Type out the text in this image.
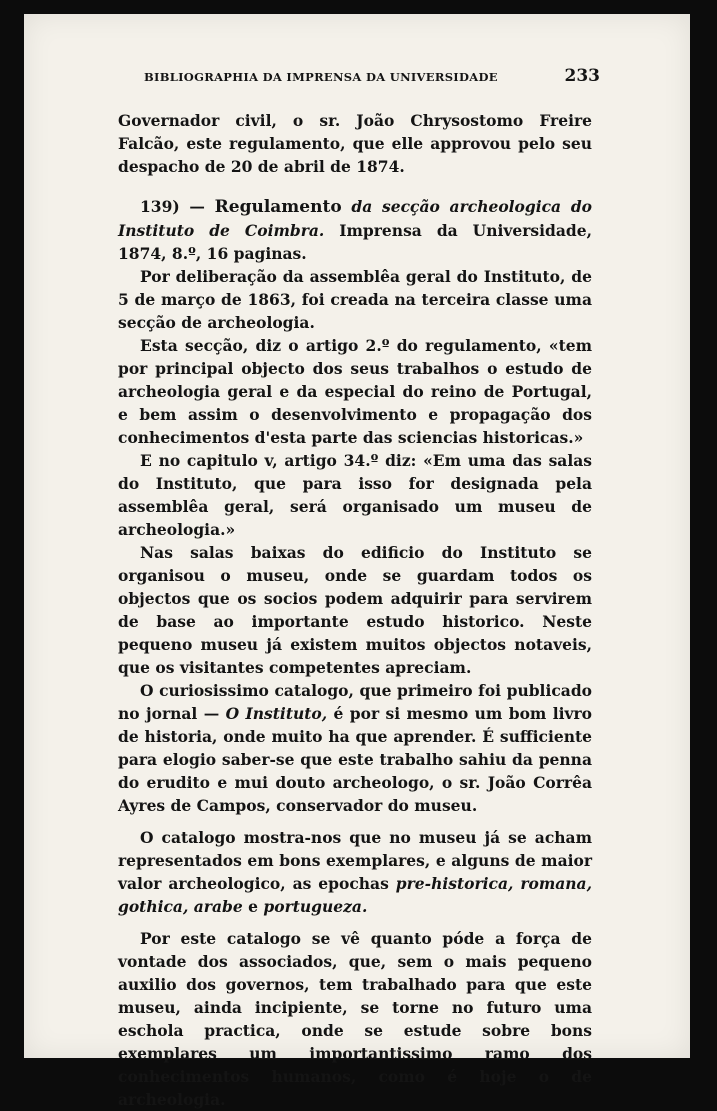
BIBLIOGRAPHIA DA IMPRENSA DA UNIVERSIDADE	233

Governador civil, o sr. João Chrysostomo Freire Falcão, este regulamento, que elle approvou pelo seu despacho de 20 de abril de 1874.

139) — Regulamento da secção archeologica do Instituto de Coimbra. Imprensa da Universidade, 1874, 8.º, 16 paginas.

Por deliberação da assemblêa geral do Instituto, de 5 de março de 1863, foi creada na terceira classe uma secção de archeologia.

Esta secção, diz o artigo 2.º do regulamento, «tem por principal objecto dos seus trabalhos o estudo de archeologia geral e da especial do reino de Portugal, e bem assim o desenvolvimento e propagação dos conhecimentos d'esta parte das sciencias historicas.»

E no capitulo v, artigo 34.º diz: «Em uma das salas do Instituto, que para isso for designada pela assemblêa geral, será organisado um museu de archeologia.»

Nas salas baixas do edificio do Instituto se organisou o museu, onde se guardam todos os objectos que os socios podem adquirir para servirem de base ao importante estudo historico. Neste pequeno museu já existem muitos objectos notaveis, que os visitantes competentes apreciam.

O curiosissimo catalogo, que primeiro foi publicado no jornal — O Instituto, é por si mesmo um bom livro de historia, onde muito ha que aprender. É sufficiente para elogio saber-se que este trabalho sahiu da penna do erudito e mui douto archeologo, o sr. João Corrêa Ayres de Campos, conservador do museu.

O catalogo mostra-nos que no museu já se acham representados em bons exemplares, e alguns de maior valor archeologico, as epochas pre-historica, romana, gothica, arabe e portugueza.

Por este catalogo se vê quanto póde a força de vontade dos associados, que, sem o mais pequeno auxilio dos governos, tem trabalhado para que este museu, ainda incipiente, se torne no futuro uma eschola practica, onde se estude sobre bons exemplares um importantissimo ramo dos conhecimentos humanos, como é hoje o de archeologia.
